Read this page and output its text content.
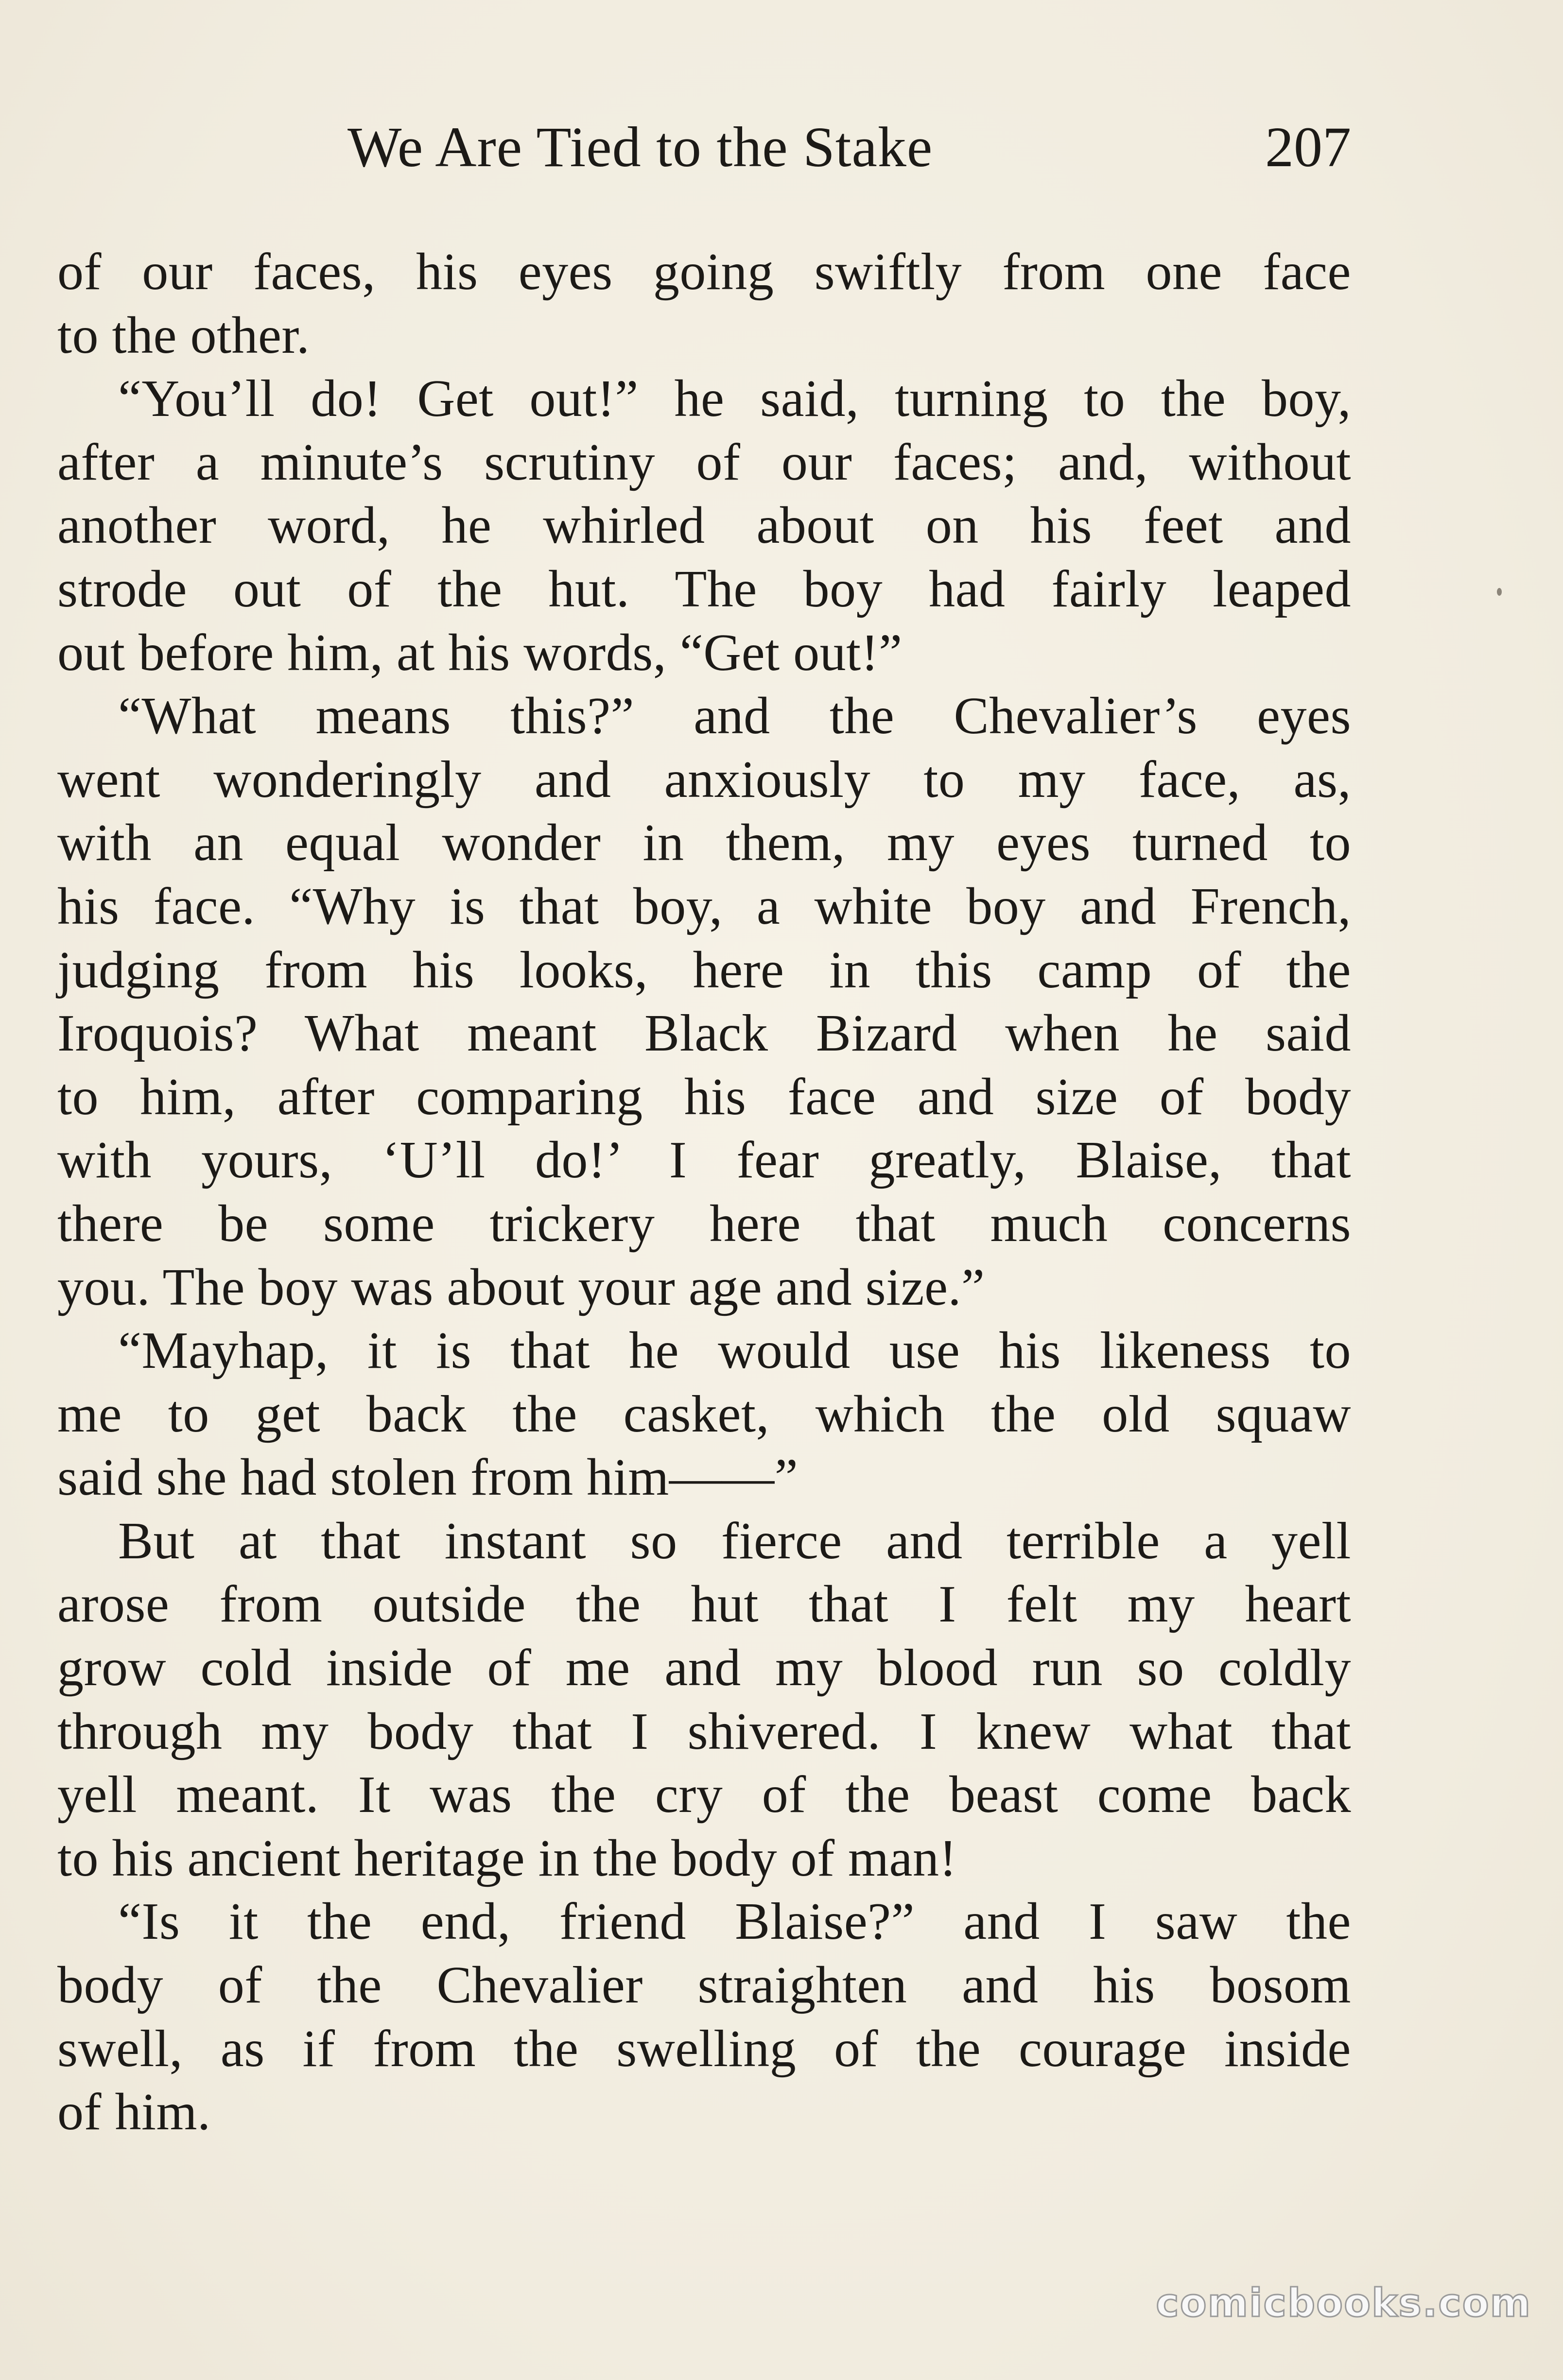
We Are Tied to the Stake	207
of our faces, his eyes going swiftly from one face
to the other.
“You’ll do! Get out!” he said, turning to the boy,
after a minute’s scrutiny of our faces; and, without
another word, he whirled about on his feet and
strode out of the hut. The boy had fairly leaped
out before him, at his words, “Get out!”
“What means this?” and the Chevalier’s eyes
went wonderingly and anxiously to my face, as,
with an equal wonder in them, my eyes turned to
his face. “Why is that boy, a white boy and French,
judging from his looks, here in this camp of the
Iroquois? What meant Black Bizard when he said
to him, after comparing his face and size of body
with yours, ‘U’ll do!’ I fear greatly, Blaise, that
there be some trickery here that much concerns
you. The boy was about your age and size.”
“Mayhap, it is that he would use his likeness to
me to get back the casket, which the old squaw
said she had stolen from him——”
But at that instant so fierce and terrible a yell
arose from outside the hut that I felt my heart
grow cold inside of me and my blood run so coldly
through my body that I shivered. I knew what that
yell meant. It was the cry of the beast come back
to his ancient heritage in the body of man!
“Is it the end, friend Blaise?” and I saw the
body of the Chevalier straighten and his bosom
swell, as if from the swelling of the courage inside
of him.
comicbooks.com
